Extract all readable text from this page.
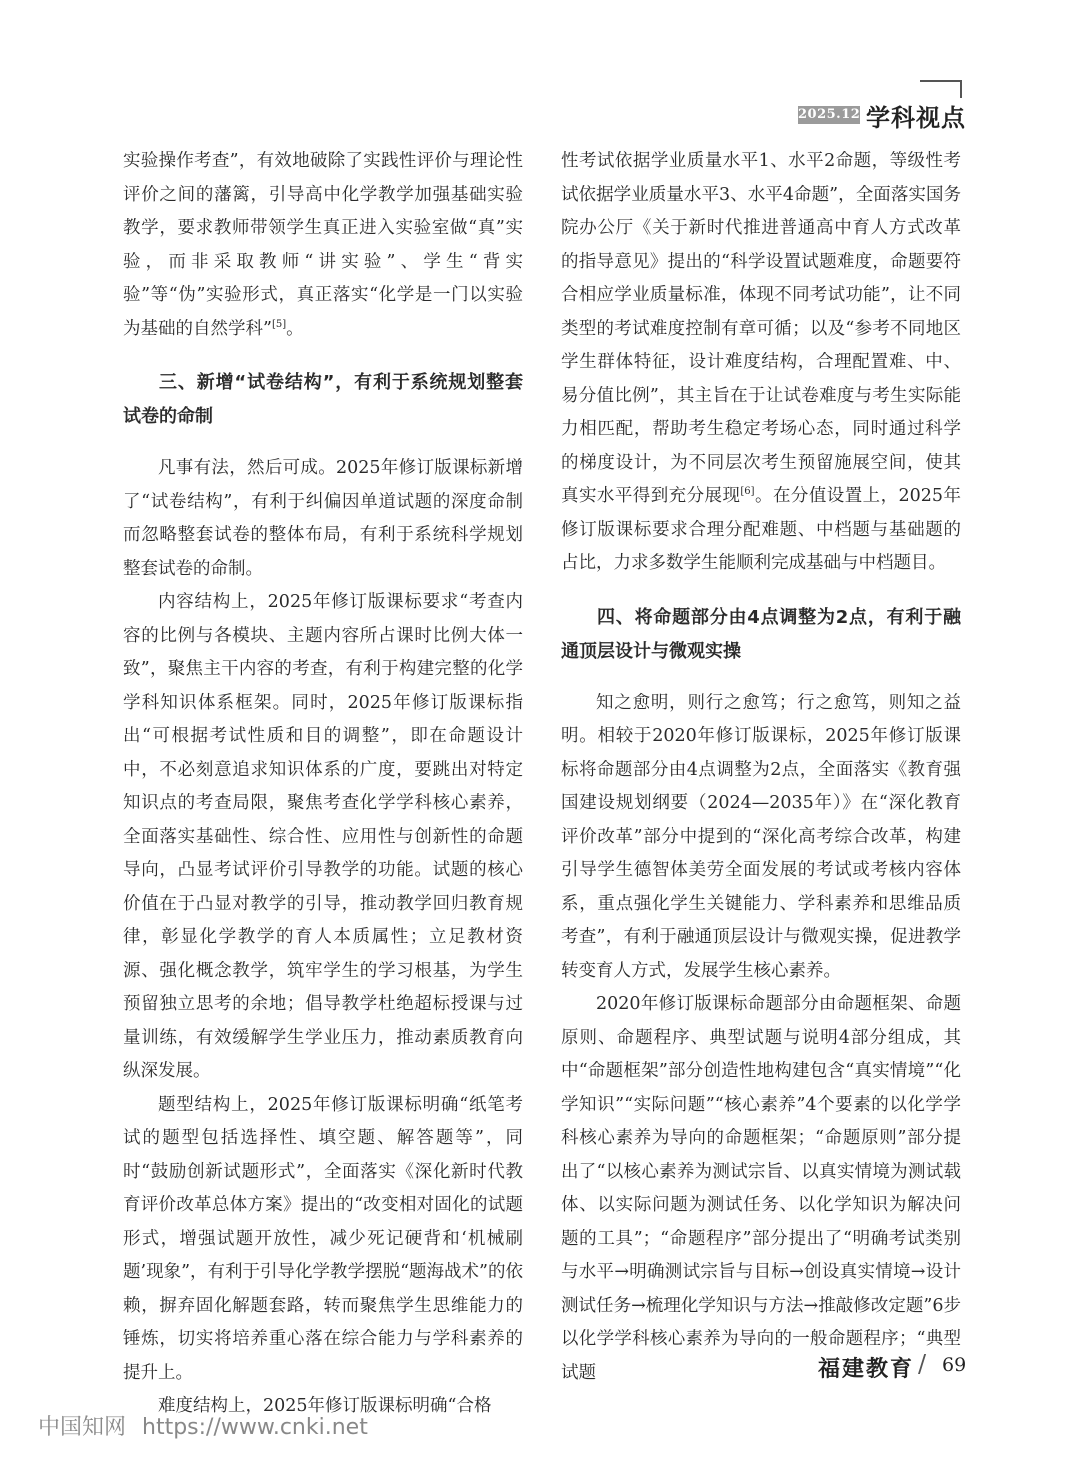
2025.12 学科视点

实验操作考查”，有效地破除了实践性评价与理论性评价之间的藩篱，引导高中化学教学加强基础实验教学，要求教师带领学生真正进入实验室做“真”实验，而非采取教师“讲实验”、学生“背实验”等“伪”实验形式，真正落实“化学是一门以实验为基础的自然学科”[5]。

三、新增“试卷结构”，有利于系统规划整套试卷的命制

凡事有法，然后可成。2025年修订版课标新增了“试卷结构”，有利于纠偏因单道试题的深度命制而忽略整套试卷的整体布局，有利于系统科学规划整套试卷的命制。

内容结构上，2025年修订版课标要求“考查内容的比例与各模块、主题内容所占课时比例大体一致”，聚焦主干内容的考查，有利于构建完整的化学学科知识体系框架。同时，2025年修订版课标指出“可根据考试性质和目的调整”，即在命题设计中，不必刻意追求知识体系的广度，要跳出对特定知识点的考查局限，聚焦考查化学学科核心素养，全面落实基础性、综合性、应用性与创新性的命题导向，凸显考试评价引导教学的功能。试题的核心价值在于凸显对教学的引导，推动教学回归教育规律，彰显化学教学的育人本质属性；立足教材资源、强化概念教学，筑牢学生的学习根基，为学生预留独立思考的余地；倡导教学杜绝超标授课与过量训练，有效缓解学生学业压力，推动素质教育向纵深发展。

题型结构上，2025年修订版课标明确“纸笔考试的题型包括选择性、填空题、解答题等”，同时“鼓励创新试题形式”，全面落实《深化新时代教育评价改革总体方案》提出的“改变相对固化的试题形式，增强试题开放性，减少死记硬背和‘机械刷题’现象”，有利于引导化学教学摆脱“题海战术”的依赖，摒弃固化解题套路，转而聚焦学生思维能力的锤炼，切实将培养重心落在综合能力与学科素养的提升上。

难度结构上，2025年修订版课标明确“合格

性考试依据学业质量水平1、水平2命题，等级性考试依据学业质量水平3、水平4命题”，全面落实国务院办公厅《关于新时代推进普通高中育人方式改革的指导意见》提出的“科学设置试题难度，命题要符合相应学业质量标准，体现不同考试功能”，让不同类型的考试难度控制有章可循；以及“参考不同地区学生群体特征，设计难度结构，合理配置难、中、易分值比例”，其主旨在于让试卷难度与考生实际能力相匹配，帮助考生稳定考场心态，同时通过科学的梯度设计，为不同层次考生预留施展空间，使其真实水平得到充分展现[6]。在分值设置上，2025年修订版课标要求合理分配难题、中档题与基础题的占比，力求多数学生能顺利完成基础与中档题目。

四、将命题部分由4点调整为2点，有利于融通顶层设计与微观实操

知之愈明，则行之愈笃；行之愈笃，则知之益明。相较于2020年修订版课标，2025年修订版课标将命题部分由4点调整为2点，全面落实《教育强国建设规划纲要（2024—2035年）》在“深化教育评价改革”部分中提到的“深化高考综合改革，构建引导学生德智体美劳全面发展的考试或考核内容体系，重点强化学生关键能力、学科素养和思维品质考查”，有利于融通顶层设计与微观实操，促进教学转变育人方式，发展学生核心素养。

2020年修订版课标命题部分由命题框架、命题原则、命题程序、典型试题与说明4部分组成，其中“命题框架”部分创造性地构建包含“真实情境”“化学知识”“实际问题”“核心素养”4个要素的以化学学科核心素养为导向的命题框架；“命题原则”部分提出了“以核心素养为测试宗旨、以真实情境为测试载体、以实际问题为测试任务、以化学知识为解决问题的工具”；“命题程序”部分提出了“明确考试类别与水平→明确测试宗旨与目标→创设真实情境→设计测试任务→梳理化学知识与方法→推敲修改定题”6步以化学学科核心素养为导向的一般命题程序；“典型试题	福建教育 / 69
中国知网 https://www.cnki.net
